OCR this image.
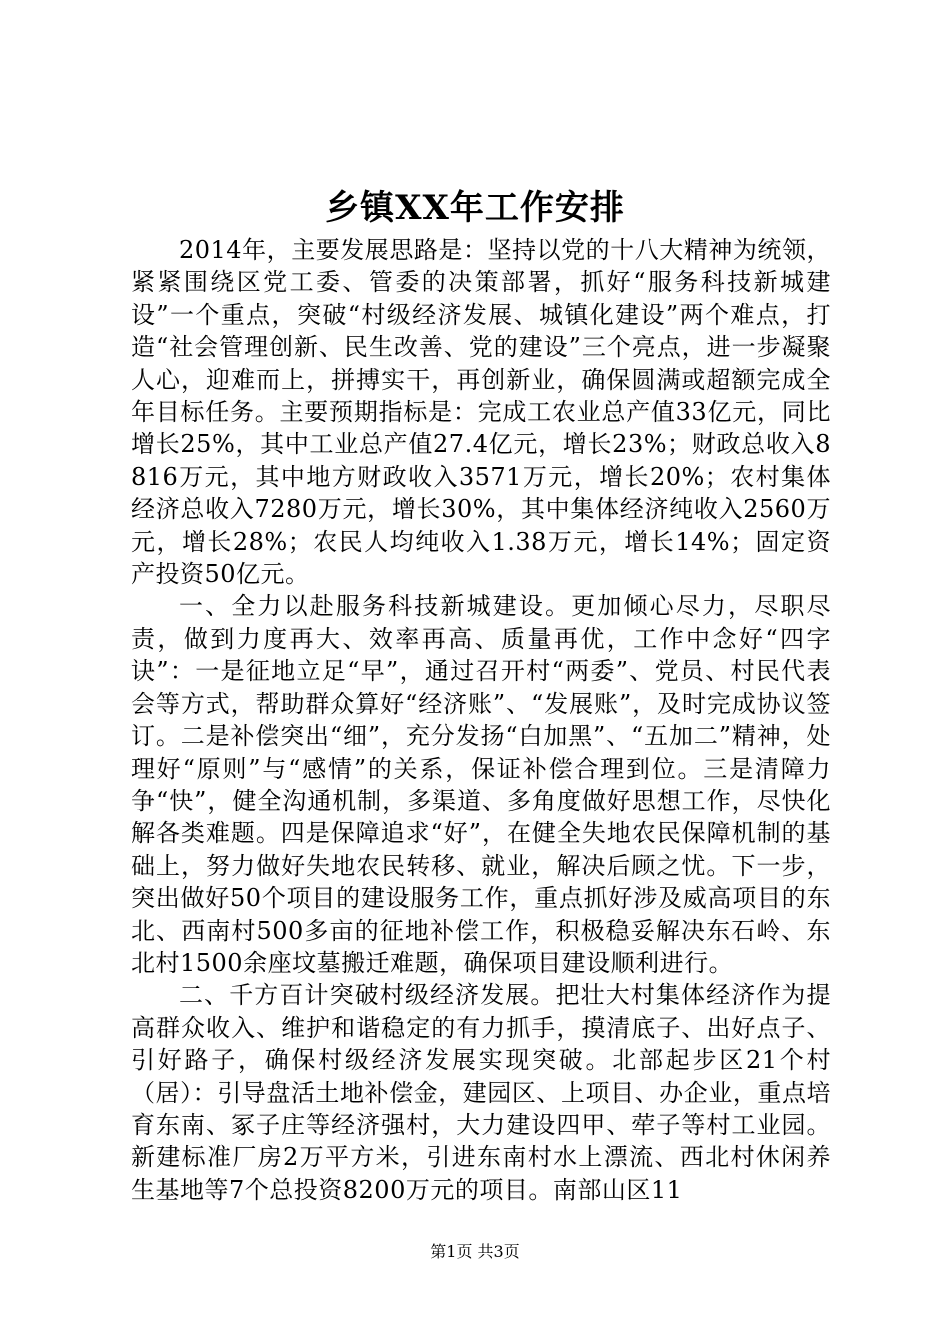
乡镇XX年工作安排

2014年，主要发展思路是：坚持以党的十八大精神为统领，紧紧围绕区党工委、管委的决策部署，抓好“服务科技新城建设”一个重点，突破“村级经济发展、城镇化建设”两个难点，打造“社会管理创新、民生改善、党的建设”三个亮点，进一步凝聚人心，迎难而上，拼搏实干，再创新业，确保圆满或超额完成全年目标任务。主要预期指标是：完成工农业总产值33亿元，同比增长25%，其中工业总产值27.4亿元，增长23%；财政总收入8816万元，其中地方财政收入3571万元，增长20%；农村集体经济总收入7280万元，增长30%，其中集体经济纯收入2560万元，增长28%；农民人均纯收入1.38万元，增长14%；固定资产投资50亿元。

一、全力以赴服务科技新城建设。更加倾心尽力，尽职尽责，做到力度再大、效率再高、质量再优，工作中念好“四字诀”：一是征地立足“早”，通过召开村“两委”、党员、村民代表会等方式，帮助群众算好“经济账”、“发展账”，及时完成协议签订。二是补偿突出“细”，充分发扬“白加黑”、“五加二”精神，处理好“原则”与“感情”的关系，保证补偿合理到位。三是清障力争“快”，健全沟通机制，多渠道、多角度做好思想工作，尽快化解各类难题。四是保障追求“好”，在健全失地农民保障机制的基础上，努力做好失地农民转移、就业，解决后顾之忧。下一步，突出做好50个项目的建设服务工作，重点抓好涉及威高项目的东北、西南村500多亩的征地补偿工作，积极稳妥解决东石岭、东北村1500余座坟墓搬迁难题，确保项目建设顺利进行。

二、千方百计突破村级经济发展。把壮大村集体经济作为提高群众收入、维护和谐稳定的有力抓手，摸清底子、出好点子、引好路子，确保村级经济发展实现突破。北部起步区21个村（居）：引导盘活土地补偿金，建园区、上项目、办企业，重点培育东南、冢子庄等经济强村，大力建设四甲、荦子等村工业园。新建标准厂房2万平方米，引进东南村水上漂流、西北村休闲养生基地等7个总投资8200万元的项目。南部山区11

第1页 共3页
